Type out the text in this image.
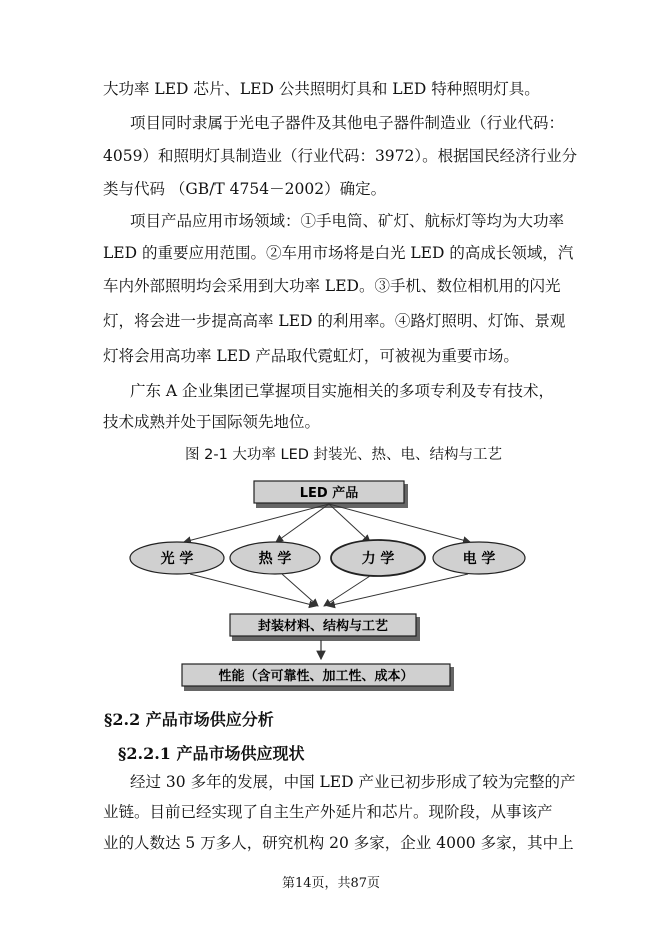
大功率 LED 芯片、LED 公共照明灯具和 LED 特种照明灯具。
项目同时隶属于光电子器件及其他电子器件制造业（行业代码：
4059）和照明灯具制造业（行业代码：3972）。根据国民经济行业分
类与代码 （GB/T 4754－2002）确定。
项目产品应用市场领域：①手电筒、矿灯、航标灯等均为大功率
LED 的重要应用范围。②车用市场将是白光 LED 的高成长领域，汽
车内外部照明均会采用到大功率 LED。③手机、数位相机用的闪光
灯，将会进一步提高高率 LED 的利用率。④路灯照明、灯饰、景观
灯将会用高功率 LED 产品取代霓虹灯，可被视为重要市场。
广东 A 企业集团已掌握项目实施相关的多项专利及专有技术，
技术成熟并处于国际领先地位。
图 2-1 大功率 LED 封装光、热、电、结构与工艺
LED 产品
光 学	热 学	力 学	电 学
封装材料、结构与工艺
性能（含可靠性、加工性、成本）
§2.2 产品市场供应分析
§2.2.1 产品市场供应现状
经过 30 多年的发展，中国 LED 产业已初步形成了较为完整的产
业链。目前已经实现了自主生产外延片和芯片。现阶段，从事该产
业的人数达 5 万多人，研究机构 20 多家，企业 4000 多家，其中上
第14页，共87页
